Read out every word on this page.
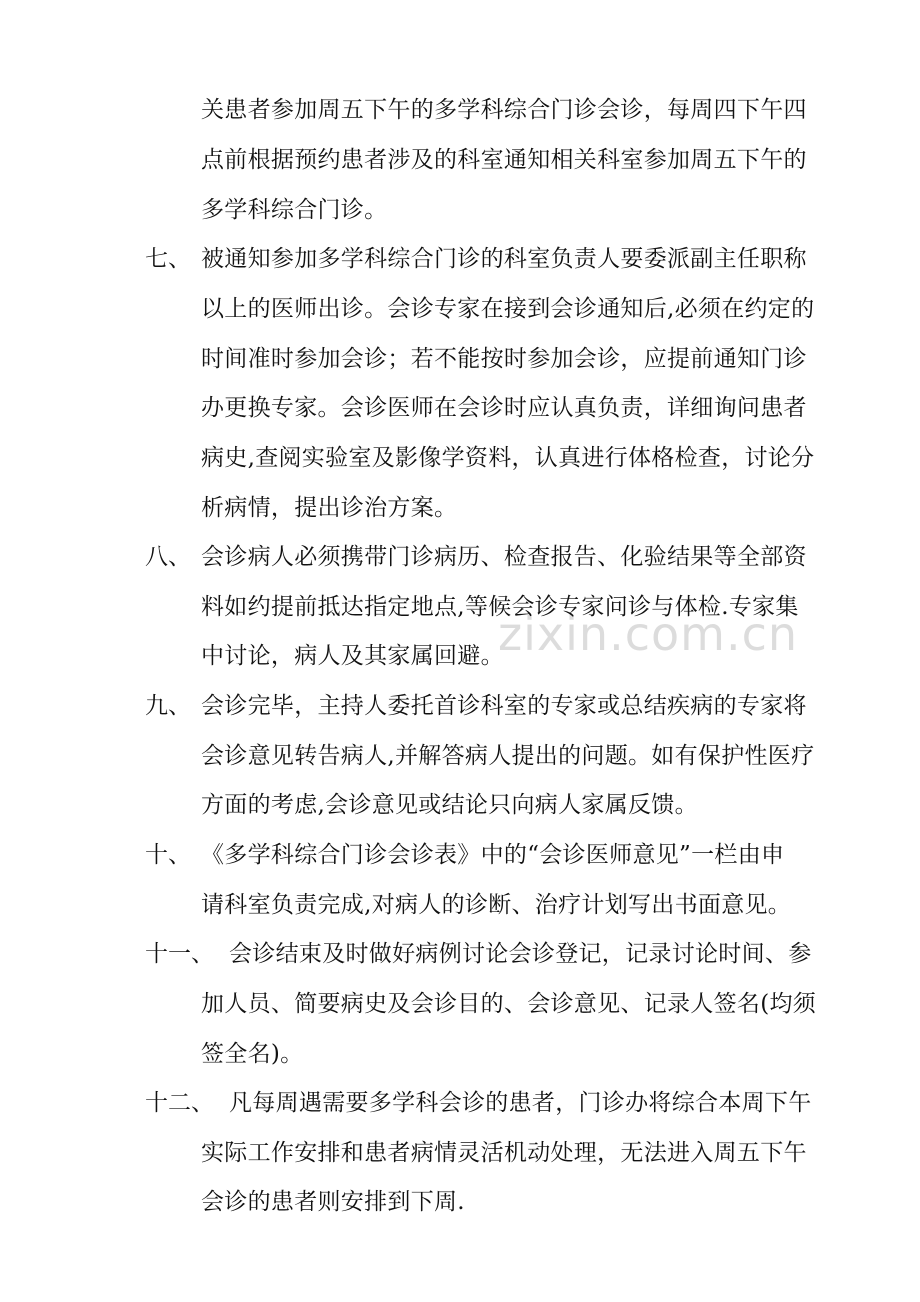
zixin.com.cn
关患者参加周五下午的多学科综合门诊会诊，每周四下午四
点前根据预约患者涉及的科室通知相关科室参加周五下午的
多学科综合门诊。
七、 被通知参加多学科综合门诊的科室负责人要委派副主任职称
以上的医师出诊。会诊专家在接到会诊通知后,必须在约定的
时间准时参加会诊；若不能按时参加会诊，应提前通知门诊
办更换专家。会诊医师在会诊时应认真负责，详细询问患者
病史,查阅实验室及影像学资料，认真进行体格检查，讨论分
析病情，提出诊治方案。
八、 会诊病人必须携带门诊病历、检查报告、化验结果等全部资
料如约提前抵达指定地点,等候会诊专家问诊与体检.专家集
中讨论，病人及其家属回避。
九、 会诊完毕，主持人委托首诊科室的专家或总结疾病的专家将
会诊意见转告病人,并解答病人提出的问题。如有保护性医疗
方面的考虑,会诊意见或结论只向病人家属反馈。
十、 《多学科综合门诊会诊表》中的“会诊医师意见”一栏由申
请科室负责完成,对病人的诊断、治疗计划写出书面意见。
十一、 会诊结束及时做好病例讨论会诊登记，记录讨论时间、参
加人员、简要病史及会诊目的、会诊意见、记录人签名(均须
签全名)。
十二、 凡每周遇需要多学科会诊的患者，门诊办将综合本周下午
实际工作安排和患者病情灵活机动处理，无法进入周五下午
会诊的患者则安排到下周.
